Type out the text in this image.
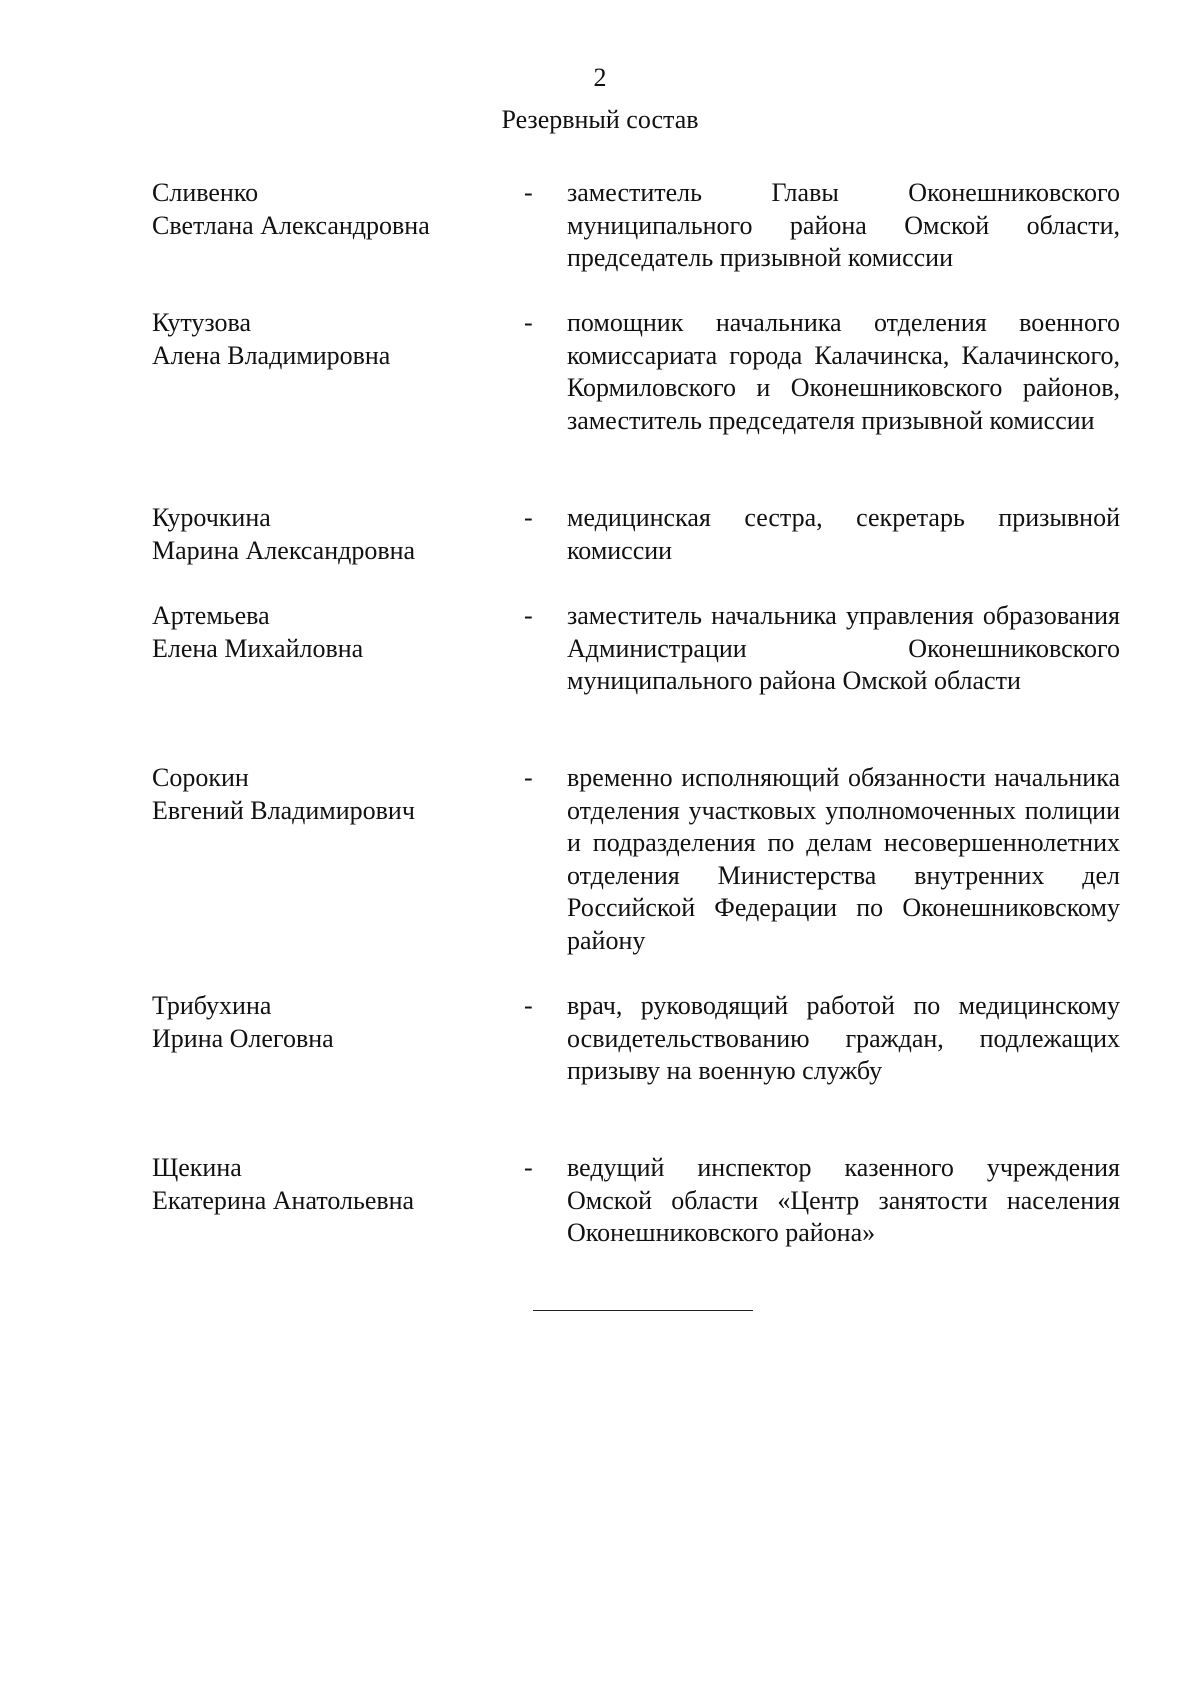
2
Резервный состав
Сливенко
Светлана Александровна
- заместитель Главы Оконешниковского муниципального района Омской области, председатель призывной комиссии
Кутузова
Алена Владимировна
- помощник начальника отделения военного комиссариата города Калачинска, Калачинского, Кормиловского и Оконешниковского районов, заместитель председателя призывной комиссии
Курочкина
Марина Александровна
- медицинская сестра, секретарь призывной комиссии
Артемьева
Елена Михайловна
- заместитель начальника управления образования Администрации Оконешниковского муниципального района Омской области
Сорокин
Евгений Владимирович
- временно исполняющий обязанности начальника отделения участковых уполномоченных полиции и подразделения по делам несовершеннолетних отделения Министерства внутренних дел Российской Федерации по Оконешниковскому району
Трибухина
Ирина Олеговна
- врач, руководящий работой по медицинскому освидетельствованию граждан, подлежащих призыву на военную службу
Щекина
Екатерина Анатольевна
- ведущий инспектор казенного учреждения Омской области «Центр занятости населения Оконешниковского района»
